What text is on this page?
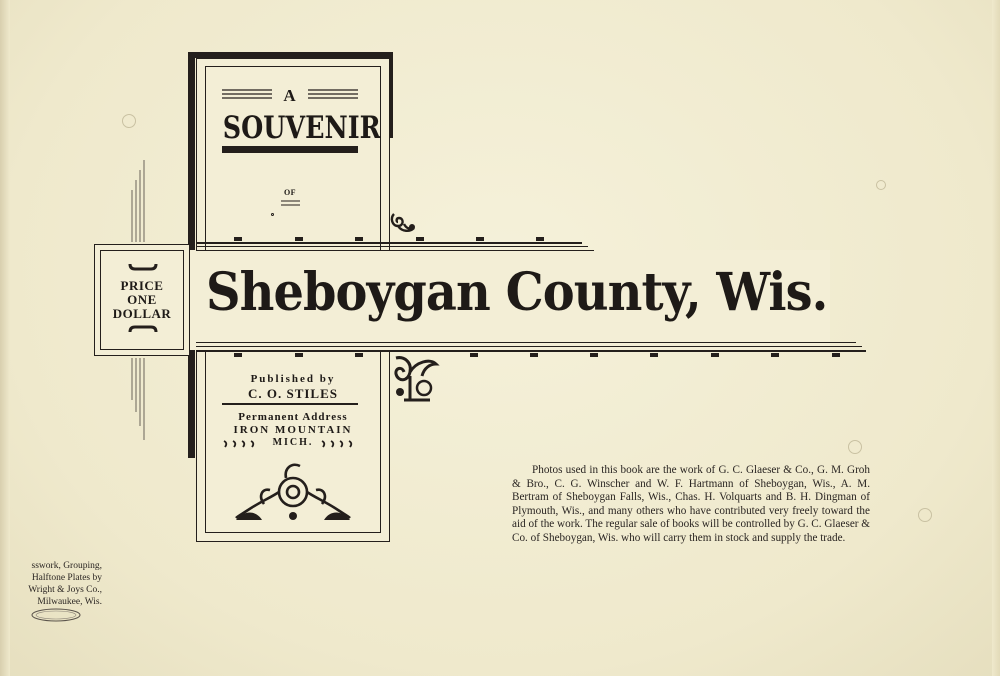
A
SOUVENIR
OF
PRICE
ONE
DOLLAR Sheboygan County, Wis.
Published by
C. O. STILES
Permanent Address
IRON MOUNTAIN
MICH.
Photos used in this book are the work of G. C. Glaeser & Co., G. M. Groh & Bro., C. G. Winscher and W. F. Hartmann of Sheboygan, Wis., A. M. Bertram of Sheboygan Falls, Wis., Chas. H. Volquarts and B. H. Dingman of Plymouth, Wis., and many others who have contributed very freely toward the aid of the work. The regular sale of books will be controlled by G. C. Glaeser & Co. of Sheboygan, Wis. who will carry them in stock and supply the trade.
sswork, Grouping,
Halftone Plates by
Wright & Joys Co.,
Milwaukee, Wis.
